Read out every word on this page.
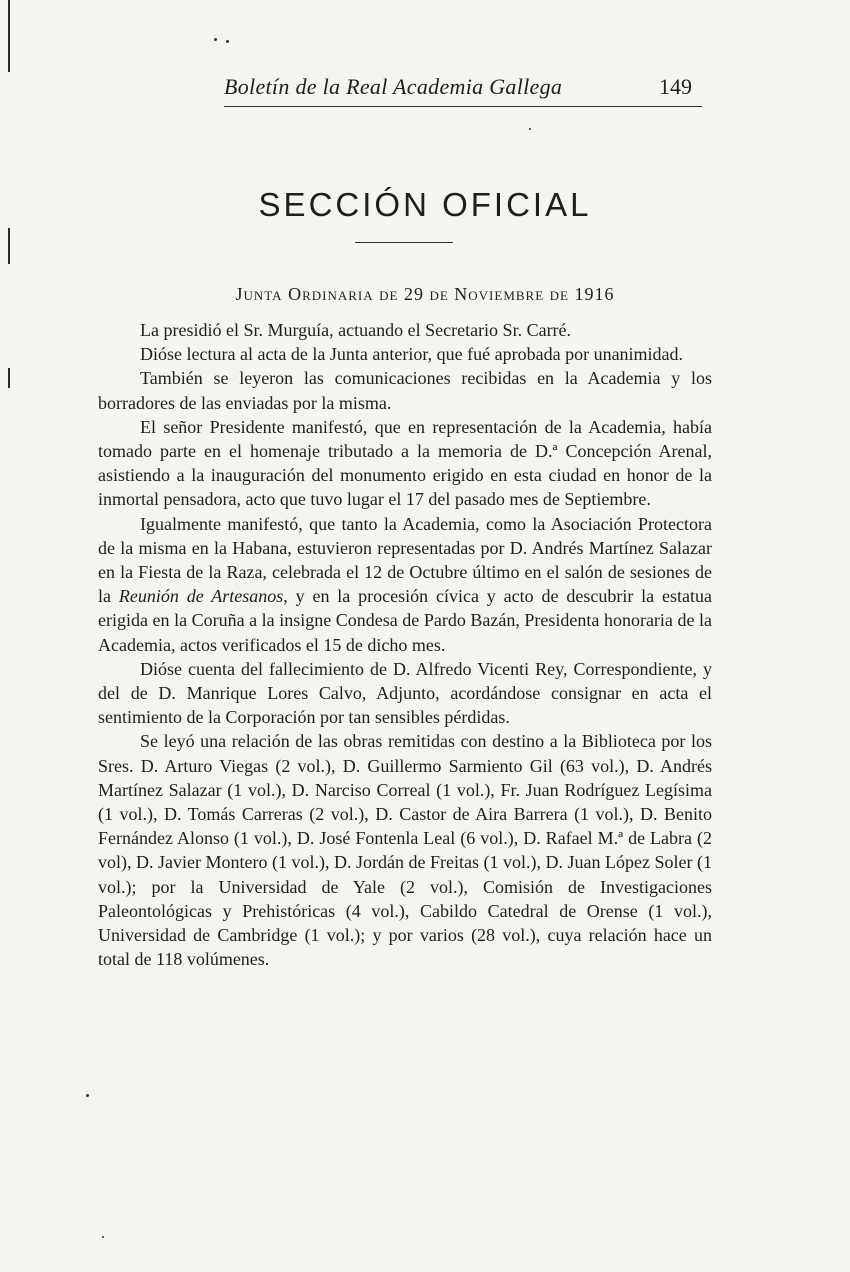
Boletín de la Real Academia Gallega	149
SECCIÓN OFICIAL
Junta Ordinaria de 29 de Noviembre de 1916

La presidió el Sr. Murguía, actuando el Secretario Sr. Carré.

Dióse lectura al acta de la Junta anterior, que fué aprobada por unanimidad.

También se leyeron las comunicaciones recibidas en la Academia y los borradores de las enviadas por la misma.

El señor Presidente manifestó, que en representación de la Academia, había tomado parte en el homenaje tributado a la memoria de D.ª Concepción Arenal, asistiendo a la inauguración del monumento erigido en esta ciudad en honor de la inmortal pensadora, acto que tuvo lugar el 17 del pasado mes de Septiembre.

Igualmente manifestó, que tanto la Academia, como la Asociación Protectora de la misma en la Habana, estuvieron representadas por D. Andrés Martínez Salazar en la Fiesta de la Raza, celebrada el 12 de Octubre último en el salón de sesiones de la Reunión de Artesanos, y en la procesión cívica y acto de descubrir la estatua erigida en la Coruña a la insigne Condesa de Pardo Bazán, Presidenta honoraria de la Academia, actos verificados el 15 de dicho mes.

Dióse cuenta del fallecimiento de D. Alfredo Vicenti Rey, Correspondiente, y del de D. Manrique Lores Calvo, Adjunto, acordándose consignar en acta el sentimiento de la Corporación por tan sensibles pérdidas.

Se leyó una relación de las obras remitidas con destino a la Biblioteca por los Sres. D. Arturo Viegas (2 vol.), D. Guillermo Sarmiento Gil (63 vol.), D. Andrés Martínez Salazar (1 vol.), D. Narciso Correal (1 vol.), Fr. Juan Rodríguez Legísima (1 vol.), D. Tomás Carreras (2 vol.), D. Castor de Aira Barrera (1 vol.), D. Benito Fernández Alonso (1 vol.), D. José Fontenla Leal (6 vol.), D. Rafael M.ª de Labra (2 vol), D. Javier Montero (1 vol.), D. Jordán de Freitas (1 vol.), D. Juan López Soler (1 vol.); por la Universidad de Yale (2 vol.), Comisión de Investigaciones Paleontológicas y Prehistóricas (4 vol.), Cabildo Catedral de Orense (1 vol.), Universidad de Cambridge (1 vol.); y por varios (28 vol.), cuya relación hace un total de 118 volúmenes.
